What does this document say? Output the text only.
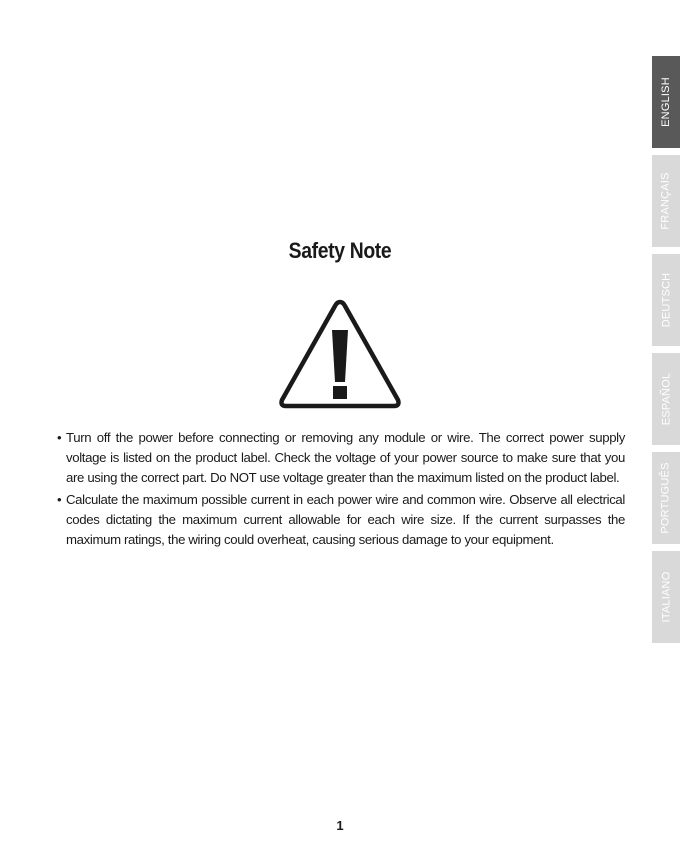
Safety Note
• Turn off the power before connecting or removing any module or wire. The correct power supply voltage is listed on the product label. Check the voltage of your power source to make sure that you are using the correct part. Do NOT use voltage greater than the maximum listed on the product label.
• Calculate the maximum possible current in each power wire and common wire. Observe all electrical codes dictating the maximum current allowable for each wire size. If the current surpasses the maximum ratings, the wiring could overheat, causing serious damage to your equipment.
ENGLISH
FRANÇAIS
DEUTSCH
ESPAÑOL
PORTUGUÊS
ITALIANO
1
